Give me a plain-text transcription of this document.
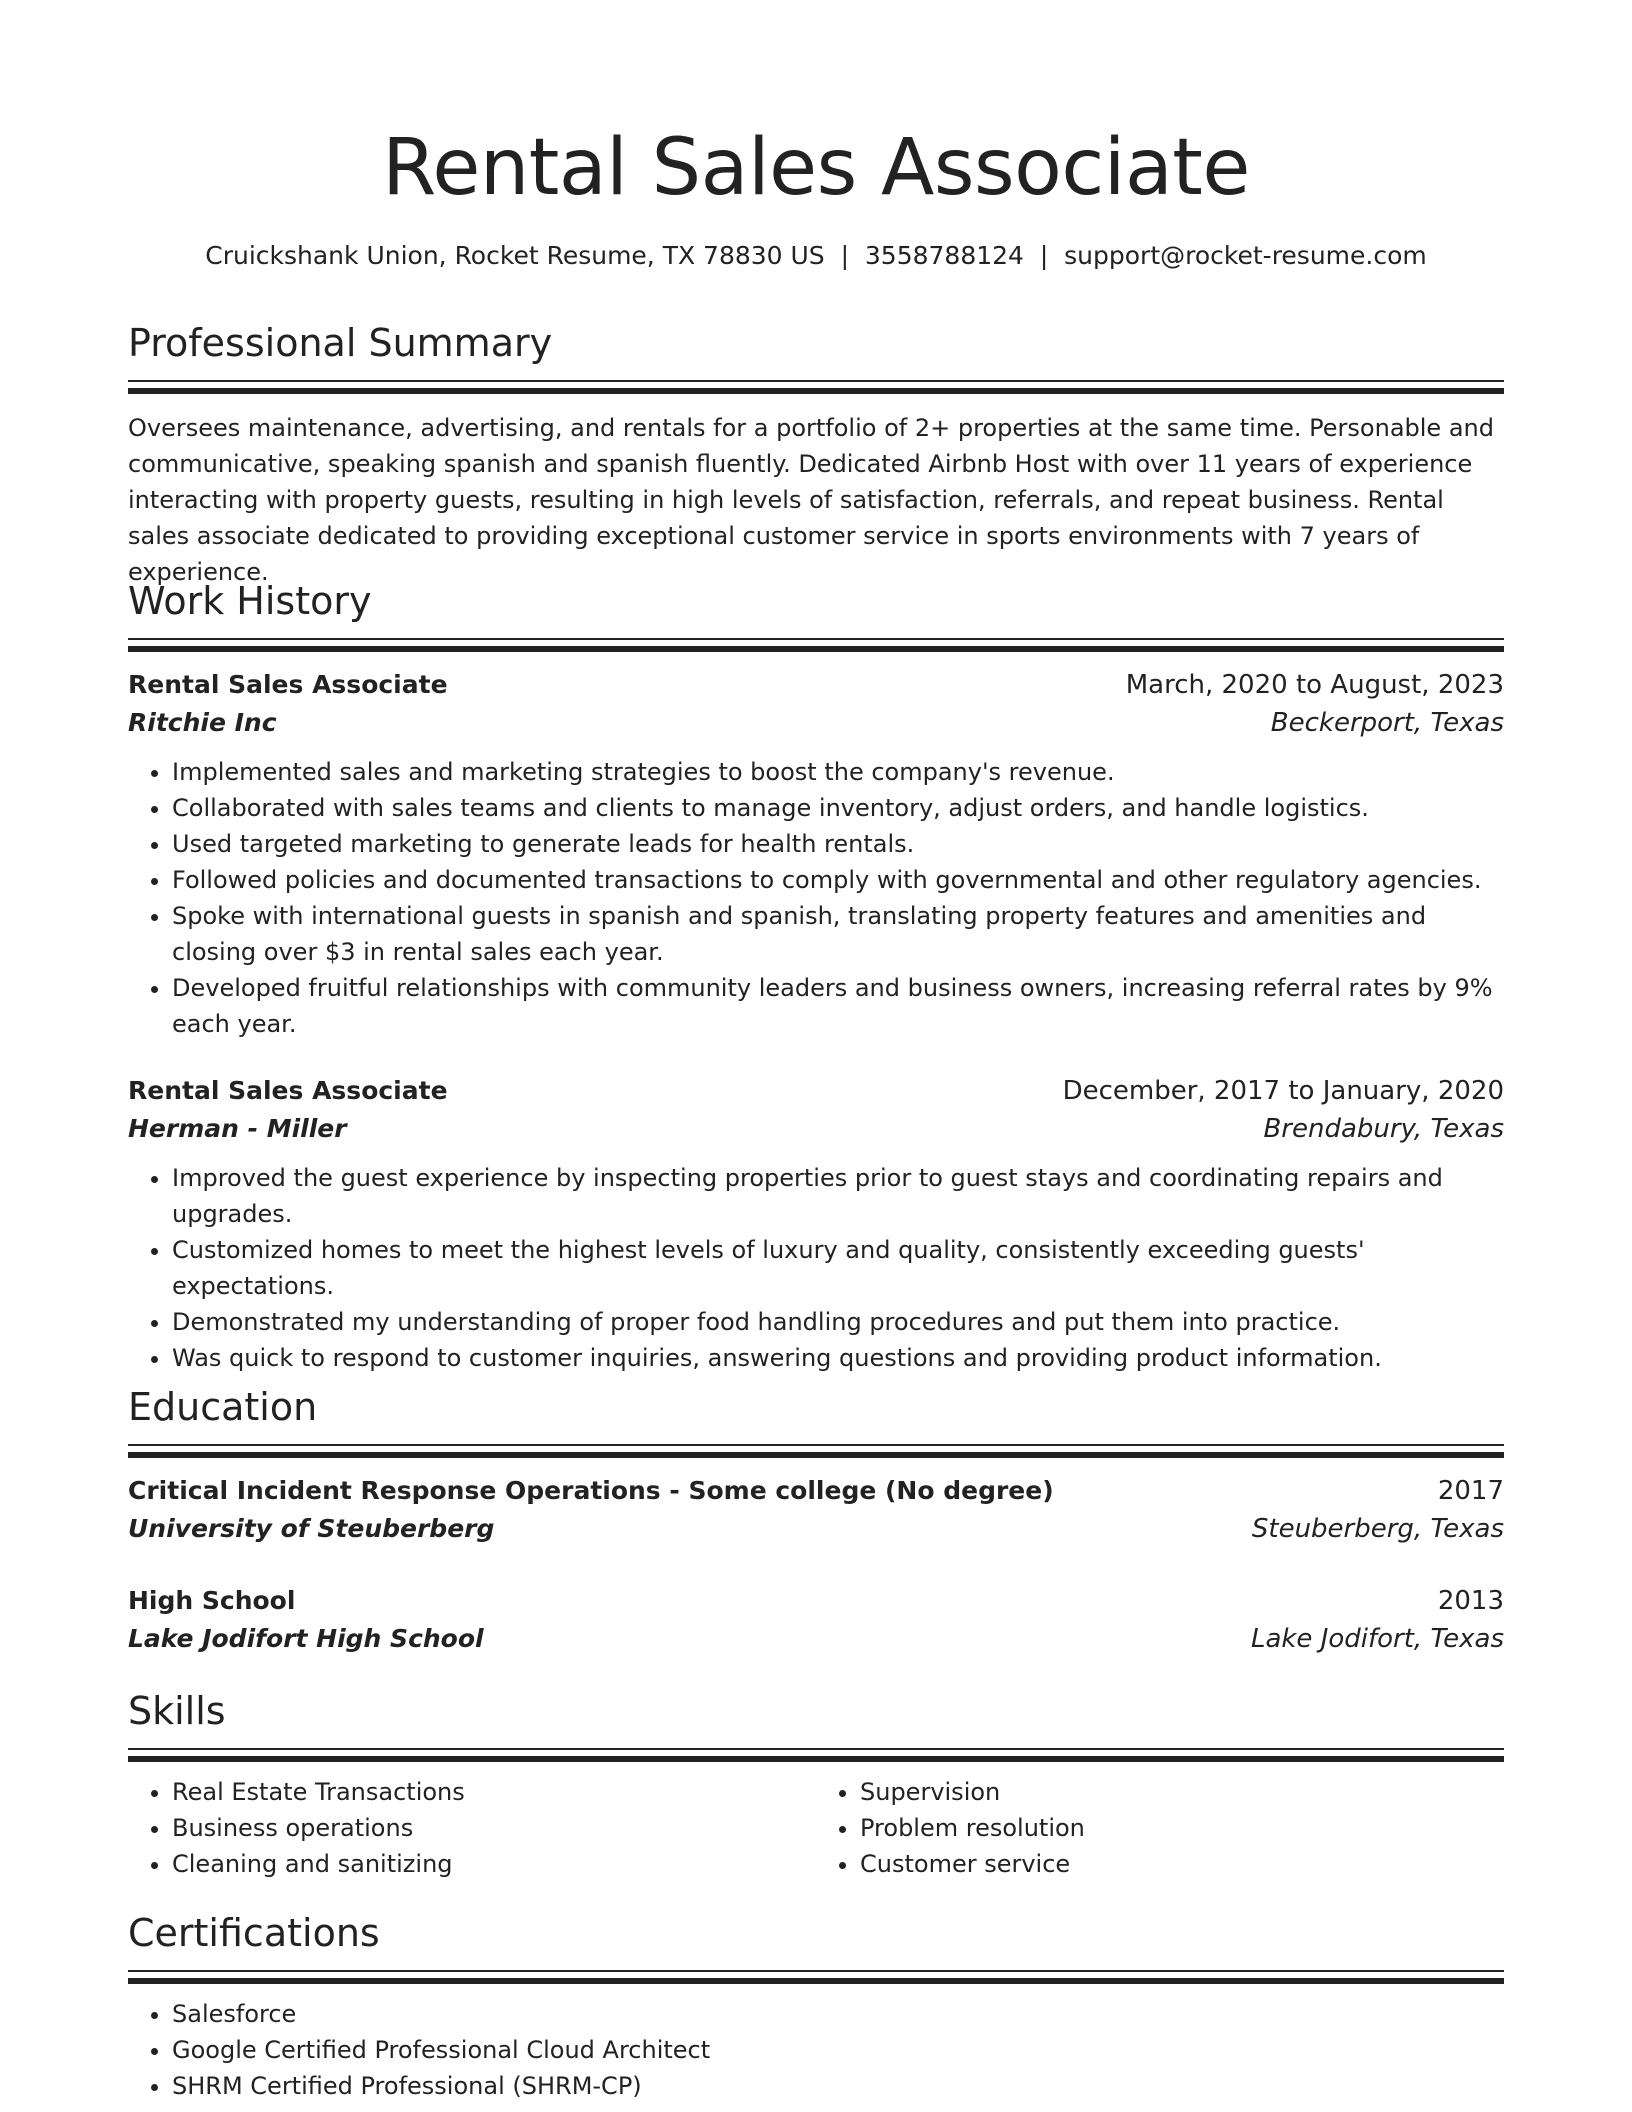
Rental Sales Associate
Cruickshank Union, Rocket Resume, TX 78830 US  |  3558788124  |  support@rocket-resume.com
Professional Summary
Oversees maintenance, advertising, and rentals for a portfolio of 2+ properties at the same time. Personable and communicative, speaking spanish and spanish fluently. Dedicated Airbnb Host with over 11 years of experience interacting with property guests, resulting in high levels of satisfaction, referrals, and repeat business. Rental sales associate dedicated to providing exceptional customer service in sports environments with 7 years of experience.
Work History
Rental Sales Associate	March, 2020 to August, 2023
Ritchie Inc	Beckerport, Texas
• Implemented sales and marketing strategies to boost the company's revenue.
• Collaborated with sales teams and clients to manage inventory, adjust orders, and handle logistics.
• Used targeted marketing to generate leads for health rentals.
• Followed policies and documented transactions to comply with governmental and other regulatory agencies.
• Spoke with international guests in spanish and spanish, translating property features and amenities and closing over $3 in rental sales each year.
• Developed fruitful relationships with community leaders and business owners, increasing referral rates by 9% each year.
Rental Sales Associate	December, 2017 to January, 2020
Herman - Miller	Brendabury, Texas
• Improved the guest experience by inspecting properties prior to guest stays and coordinating repairs and upgrades.
• Customized homes to meet the highest levels of luxury and quality, consistently exceeding guests' expectations.
• Demonstrated my understanding of proper food handling procedures and put them into practice.
• Was quick to respond to customer inquiries, answering questions and providing product information.
Education
Critical Incident Response Operations - Some college (No degree)	2017
University of Steuberberg	Steuberberg, Texas
High School	2013
Lake Jodifort High School	Lake Jodifort, Texas
Skills
• Real Estate Transactions
• Business operations
• Cleaning and sanitizing
• Supervision
• Problem resolution
• Customer service
Certifications
• Salesforce
• Google Certified Professional Cloud Architect
• SHRM Certified Professional (SHRM-CP)
